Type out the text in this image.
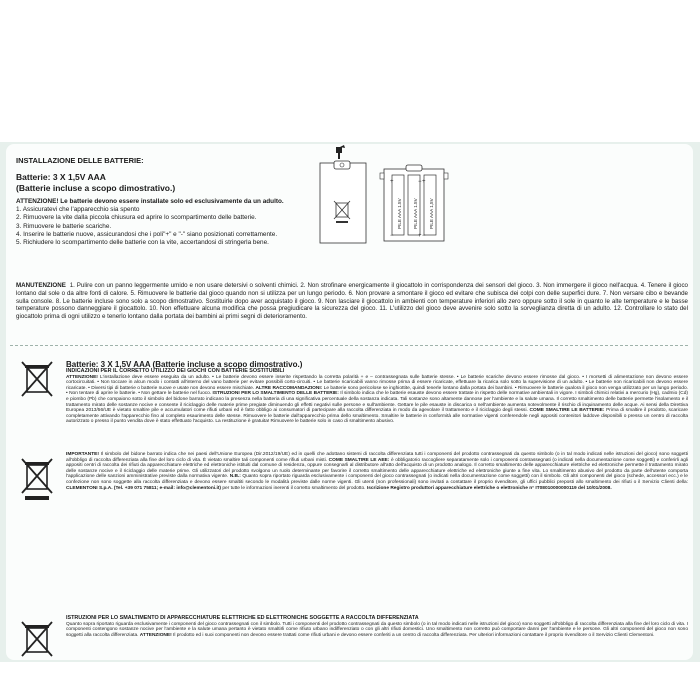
INSTALLAZIONE DELLE BATTERIE:
Batterie: 3 X 1,5V AAA
(Batterie incluse a scopo dimostrativo.)
ATTENZIONE! Le batterie devono essere installate solo ed esclusivamente da un adulto.
1. Assicuratevi che l'apparecchio sia spento
2. Rimuovere la vite dalla piccola chiusura ed aprire lo scompartimento delle batterie.
3. Rimuovere le batterie scariche.
4. Inserire le batterie nuove, assicurandosi che i poli"+" e "-" siano posizionati correttamente.
5. Richiudere lo scompartimento delle batterie con la vite, accertandosi di stringerla bene.
+
−
PILE AAA 1.5V
−
+
PILE AAA 1.5V
+
−
PILE AAA 1,5V
MANUTENZIONE 1. Pulire con un panno leggermente umido e non usare detersivi o solventi chimici. 2. Non strofinare energicamente il giocattolo in corrispondenza dei sensori del gioco. 3. Non immergere il gioco nell'acqua. 4. Tenere il gioco lontano dal sole o da altre fonti di calore. 5. Rimuovere le batterie dal gioco quando non si utilizza per un lungo periodo. 6. Non provare a smontare il gioco ed evitare che subisca dei colpi con delle superfici dure. 7. Non versare cibo e bevande sulla console. 8. Le batterie incluse sono solo a scopo dimostrativo. Sostituirle dopo aver acquistato il gioco. 9. Non lasciare il giocattolo in ambienti con temperature inferiori allo zero oppure sotto il sole in quanto le alte temperature e le basse temperature possono danneggiare il giocattolo. 10. Non effettuare alcuna modifica che possa pregiudicare la sicurezza del gioco. 11. L'utilizzo del gioco deve avvenire solo sotto la sorveglianza diretta di un adulto. 12. Controllare lo stato del giocattolo prima di ogni utilizzo e tenerlo lontano dalla portata dei bambini ai primi segni di deterioramento.
Batterie: 3 X 1,5V AAA (Batterie incluse a scopo dimostrativo.)
INDICAZIONI PER IL CORRETTO UTILIZZO DEI GIOCHI CON BATTERIE SOSTITUIBILI
ATTENZIONE! L'installazione deve essere eseguita da un adulto. • Le batterie devono essere inserite rispettando la corretta polarità + e – contrassegnata sulle batterie stesse. • Le batterie scariche devono essere rimosse dal gioco. • I morsetti di alimentazione non devono essere cortocircuitati. • Non toccare in alcun modo i contatti all'interno del vano batterie per evitare possibili corto-circuiti. • Le batterie ricaricabili vanno rimosse prima di essere ricaricate, effettuare la ricarica solo sotto la supervisione di un adulto. • Le batterie non ricaricabili non devono essere ricaricate. • Diversi tipi di batterie o batterie nuove e usate non devono essere mischiate. ALTRE RACCOMANDAZIONI: Le batterie sono pericolose se inghiottite, quindi tenerle lontano dalla portata dei bambini. • Rimuovere le batterie qualora il gioco non venga utilizzato per un lungo periodo. • Non tentare di aprire le batterie. • Non gettare le batterie nel fuoco. ISTRUZIONI PER LO SMALTIMENTO DELLE BATTERIE: Il simbolo indica che le batterie esauste devono essere trattate in rispetto delle normative ambientali in vigore. I simboli chimici relativi a mercurio (Hg), cadmio (Cd) e piombo (Pb) che compaiono sotto il simbolo del bidone barrato indicano la presenza nella batteria di una significativa percentuale della sostanza indicata. Tali sostanze sono altamente dannose per l'ambiente e la salute umana. Il corretto smaltimento delle batterie permette l'isolamento e il trattamento mirato delle sostanze nocive e consente il riciclaggio delle materie prime pregiate diminuendo gli effetti negativi sulle persone e sull'ambiente. Gettare le pile esauste in discarica o nell'ambiente aumenta notevolmente il rischio di inquinamento delle acque. Ai sensi della Direttiva Europea 2013/56/UE è vietato smaltire pile e accumulatori come rifiuti urbani ed è fatto obbligo ai consumatori di partecipare alla raccolta differenziata in modo da agevolare il trattamento e il riciclaggio degli stessi. COME SMALTIRE LE BATTERIE: Prima di smaltire il prodotto, scaricare completamente attivando l'apparecchio fino al completo esaurimento delle stesse. Rimuovere le batterie dall'apparecchio prima dello smaltimento. Smaltire le batterie in conformità alle normative vigenti conferendole negli appositi contenitori laddove disponibili o presso un centro di raccolta autorizzato o presso il punto vendita dove è stato effettuato l'acquisto. La restituzione è gratuita! Rimuovere le batterie solo in caso di smaltimento abusivo.
IMPORTANTE! Il simbolo del bidone barrato indica che nei paesi dell'Unione Europea (Dir.2012/19/UE) ed in quelli che adottano sistemi di raccolta differenziata tutti i componenti del prodotto contrassegnati da questo simbolo (o in tal modo indicati nelle istruzioni del gioco) sono soggetti all'obbligo di raccolta differenziata alla fine del loro ciclo di vita. È vietato smaltire tali componenti come rifiuti urbani misti. COME SMALTIRE LE AEE: è obbligatorio raccogliere separatamente solo i componenti contrassegnati (o indicati nella documentazione come soggetti) e conferirli agli appositi centri di raccolta dei rifiuti da apparecchiature elettriche ed elettroniche istituiti dal comune di residenza, oppure consegnarli al distributore all'atto dell'acquisto di un prodotto analogo. Il corretto smaltimento delle apparecchiature elettriche ed elettroniche permette il trattamento mirato delle sostanze nocive e il riciclaggio delle materie prime. Gli utilizzatori del prodotto svolgono un ruolo determinante per favorire il corretto smaltimento delle apparecchiature elettriche ed elettroniche giunte a fine vita. Lo smaltimento abusivo del prodotto da parte dell'utente comporta l'applicazione delle sanzioni amministrative previste dalla normativa vigente. N.B.: Quanto sopra riportato riguarda esclusivamente i componenti del gioco contrassegnati (o indicati nella documentazione come soggetti) con il simbolo. Gli altri componenti del gioco (schede, accessori ecc.) e le confezione non sono soggette alla raccolta differenziata e devono essere smaltiti secondo le modalità previste dalle norme vigenti. Gli utenti (non professionali) sono invitati a contattare il proprio rivenditore, gli uffici pubblici preposti allo smaltimento dei rifiuti o il Servizio Clienti della: CLEMENTONI S.p.A. (Tel. +39 071 75811; e-mail: info@clementoni.it) per tutte le informazioni inerenti il corretto smaltimento del prodotto. Iscrizione Registro produttori apparecchiature elettriche o elettroniche n° IT08010000000119 del 10/01/2008.
ISTRUZIONI PER LO SMALTIMENTO DI APPARECCHIATURE ELETTRICHE ED ELETTRONICHE SOGGETTE A RACCOLTA DIFFERENZIATA
Quanto sopra riportato riguarda esclusivamente i componenti del gioco contrassegnati con il simbolo. Tutti i componenti del prodotto contrassegnati da questo simbolo (o in tal modo indicati nelle istruzioni del gioco) sono soggetti all'obbligo di raccolta differenziata alla fine del loro ciclo di vita. I componenti contengono sostanze nocive per l'ambiente e la salute umana pertanto è vietato smaltirli come rifiuto urbano indifferenziato o con gli altri rifiuti domestici. Uno smaltimento non corretto può comportare danni per l'ambiente e le persone. Gli altri componenti del gioco non sono soggetti alla raccolta differenziata. ATTENZIONE! Il prodotto ed i suoi componenti non devono essere trattati come rifiuti urbani e devono essere conferiti a un centro di raccolta differenziata. Per ulteriori informazioni contattare il proprio rivenditore o il Servizio Clienti Clementoni.
